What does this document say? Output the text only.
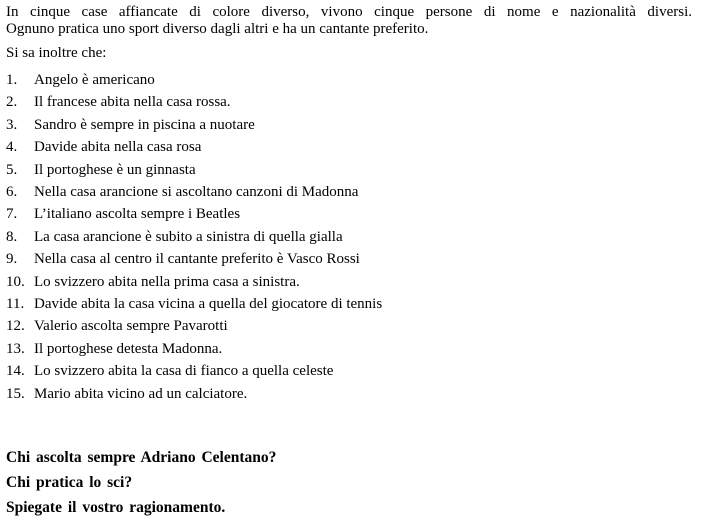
In cinque case affiancate di colore diverso, vivono cinque persone di nome e nazionalità diversi.
Ognuno pratica uno sport diverso dagli altri e ha un cantante preferito.
Si sa inoltre che:
1. Angelo è americano
2. Il francese abita nella casa rossa.
3. Sandro è sempre in piscina a nuotare
4. Davide abita nella casa rosa
5. Il portoghese è un ginnasta
6. Nella casa arancione si ascoltano canzoni di Madonna
7. L’italiano ascolta sempre i Beatles
8. La casa arancione è subito a sinistra di quella gialla
9. Nella casa al centro il cantante preferito è Vasco Rossi
10. Lo svizzero abita nella prima casa a sinistra.
11. Davide abita la casa vicina a quella del giocatore di tennis
12. Valerio ascolta sempre Pavarotti
13. Il portoghese detesta Madonna.
14. Lo svizzero abita la casa di fianco a quella celeste
15. Mario abita vicino ad un calciatore.
Chi ascolta sempre Adriano Celentano?
Chi pratica lo sci?
Spiegate il vostro ragionamento.
